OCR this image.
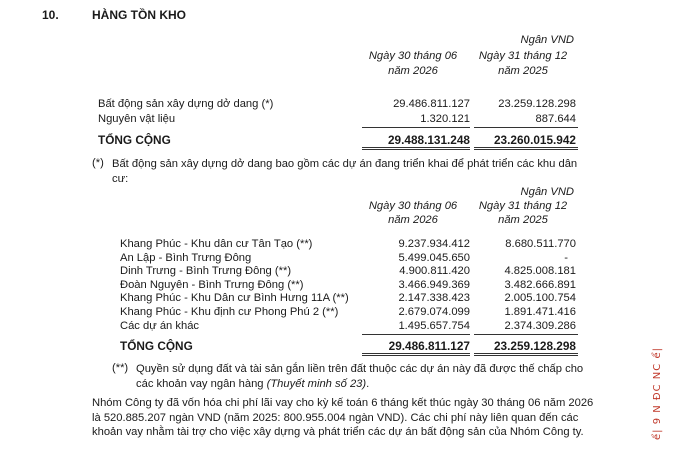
10.	HÀNG TỒN KHO
Ngân VND
Ngày 30 tháng 06
năm 2026
Ngày 31 tháng 12
năm 2025
Bất động sản xây dựng dở dang (*)	29.486.811.127	23.259.128.298
Nguyên vật liệu	1.320.121	887.644
TỔNG CỘNG	29.488.131.248 23.260.015.942
(*) Bất động sản xây dựng dở dang bao gồm các dự án đang triển khai để phát triển các khu dân cư:
Ngân VND
Ngày 30 tháng 06
năm 2026
Ngày 31 tháng 12
năm 2025
Khang Phúc - Khu dân cư Tân Tạo (**)	9.237.934.412	8.680.511.770
An Lập - Bình Trưng Đông	5.499.045.650	-
Dinh Trưng - Bình Trưng Đông (**)	4.900.811.420	4.825.008.181
Đoàn Nguyên - Bình Trưng Đông (**)	3.466.949.369	3.482.666.891
Khang Phúc - Khu Dân cư Bình Hưng 11A (**)	2.147.338.423	2.005.100.754
Khang Phúc - Khu định cư Phong Phú 2 (**)	2.679.074.099	1.891.471.416
Các dự án khác	1.495.657.754	2.374.309.286
TỔNG CỘNG	29.486.811.127 23.259.128.298
(**) Quyền sử dụng đất và tài sản gắn liền trên đất thuộc các dự án này đã được thế chấp cho các khoản vay ngân hàng (Thuyết minh số 23).
Nhóm Công ty đã vốn hóa chi phí lãi vay cho kỳ kế toán 6 tháng kết thúc ngày 30 tháng 06 năm 2026 là 520.885.207 ngàn VND (năm 2025: 800.955.004 ngàn VND). Các chi phí này liên quan đến các khoản vay nhằm tài trợ cho việc xây dựng và phát triển các dự án bất động sản của Nhóm Công ty.	ể| 9 N ĐC NC ể|
